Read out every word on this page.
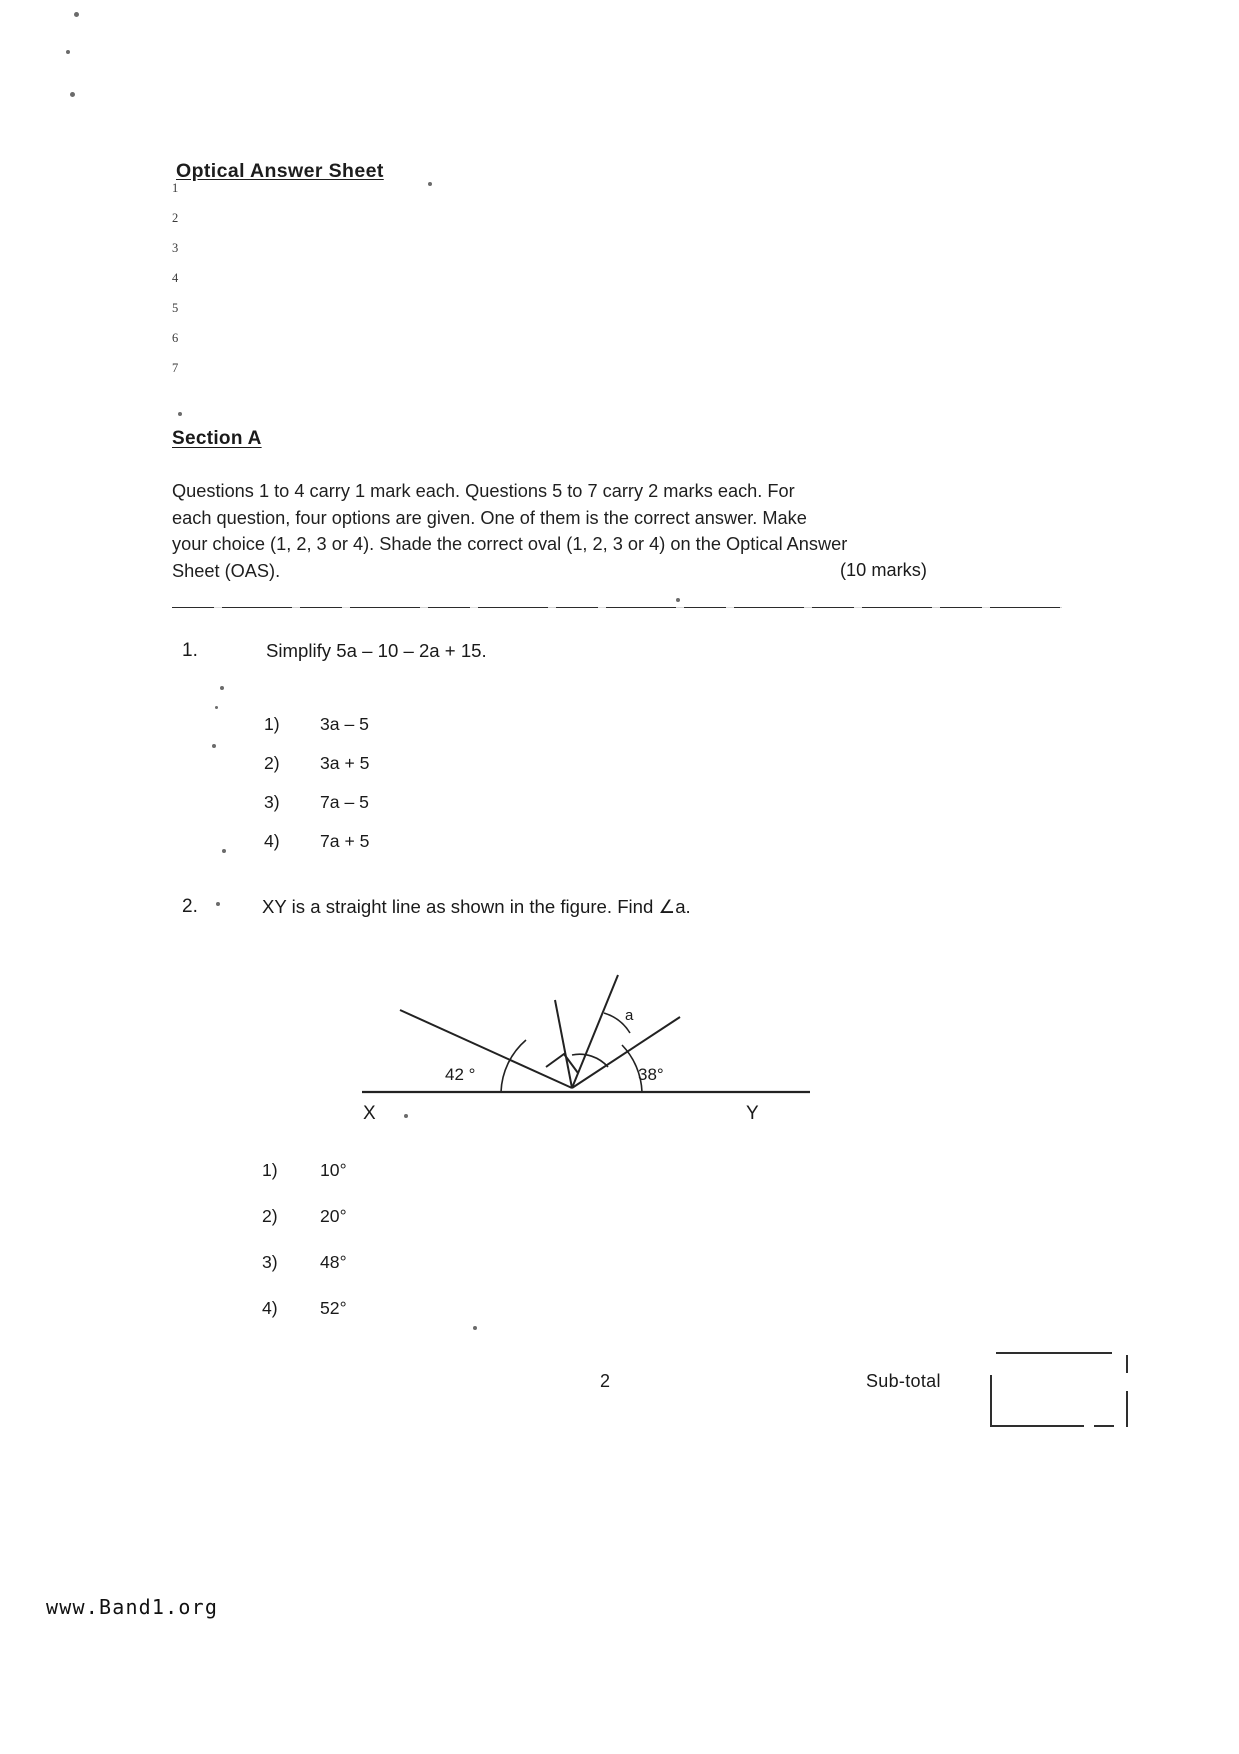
Optical Answer Sheet
1
2
3
4
5
6
7
Section A
Questions 1 to 4 carry 1 mark each. Questions 5 to 7 carry 2 marks each. For
each question, four options are given. One of them is the correct answer. Make
your choice (1, 2, 3 or 4). Shade the correct oval (1, 2, 3 or 4) on the Optical Answer
Sheet (OAS).	(10 marks)
1.	Simplify 5a – 10 – 2a + 15.
1) 3a – 5
2) 3a + 5
3) 7a – 5
4) 7a + 5
2.	XY is a straight line as shown in the figure. Find ∠a.
42 °	38°
a
X	Y
1) 10°
2) 20°
3) 48°
4) 52°
2	Sub-total
www.Band1.org
